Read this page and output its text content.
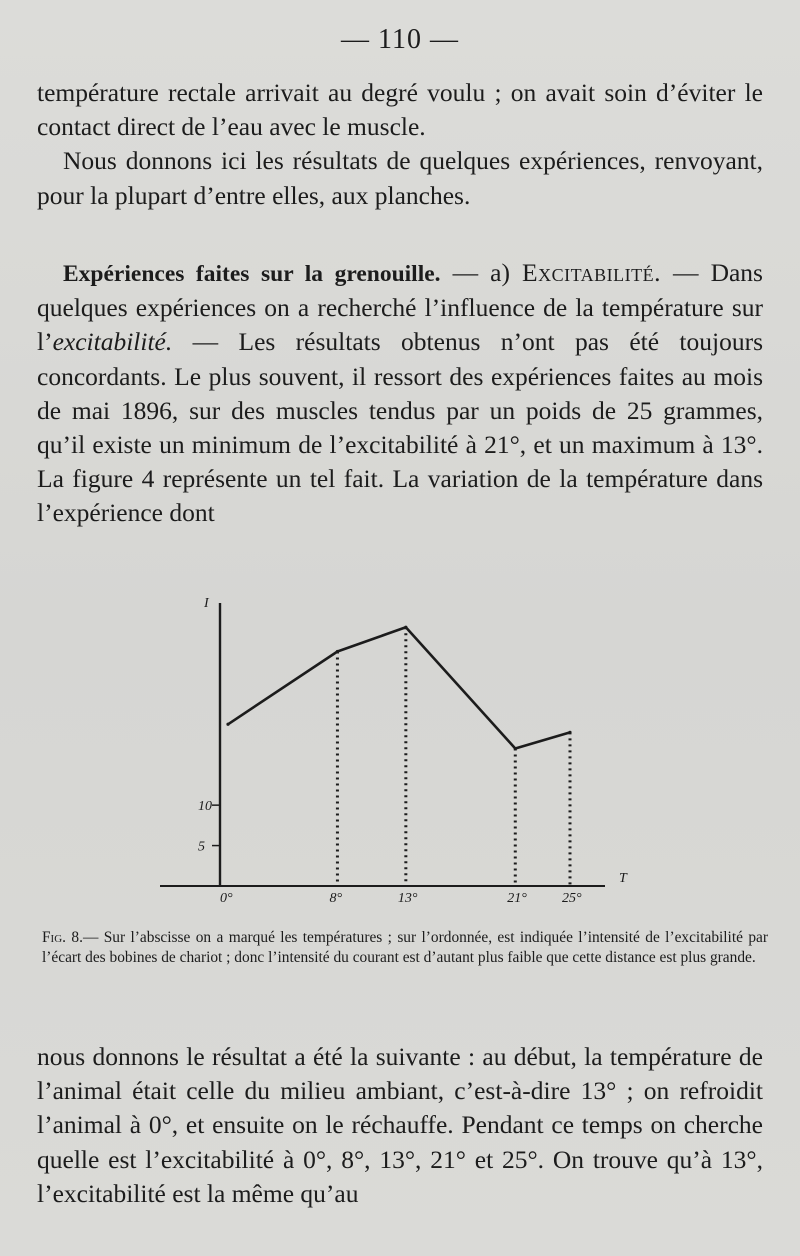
— 110 —

température rectale arrivait au degré voulu ; on avait soin d’éviter le contact direct de l’eau avec le muscle.

Nous donnons ici les résultats de quelques expériences, renvoyant, pour la plupart d’entre elles, aux planches.

Expériences faites sur la grenouille. — a) Excitabilité. — Dans quelques expériences on a recherché l’influence de la température sur l’excitabilité. — Les résultats obtenus n’ont pas été toujours concordants. Le plus souvent, il ressort des expériences faites au mois de mai 1896, sur des muscles tendus par un poids de 25 grammes, qu’il existe un minimum de l’excitabilité à 21°, et un maximum à 13°. La figure 4 représente un tel fait. La variation de la température dans l’expérience dont

I
T
5
10
0°	8°	13°	21°	25°
Fig. 8.— Sur l’abscisse on a marqué les températures ; sur l’ordonnée, est indiquée l’intensité de l’excitabilité par l’écart des bobines de chariot ; donc l’intensité du courant est d’autant plus faible que cette distance est plus grande.

nous donnons le résultat a été la suivante : au début, la température de l’animal était celle du milieu ambiant, c’est-à-dire 13° ; on refroidit l’animal à 0°, et ensuite on le réchauffe. Pendant ce temps on cherche quelle est l’excitabilité à 0°, 8°, 13°, 21° et 25°. On trouve qu’à 13°, l’excitabilité est la même qu’au
